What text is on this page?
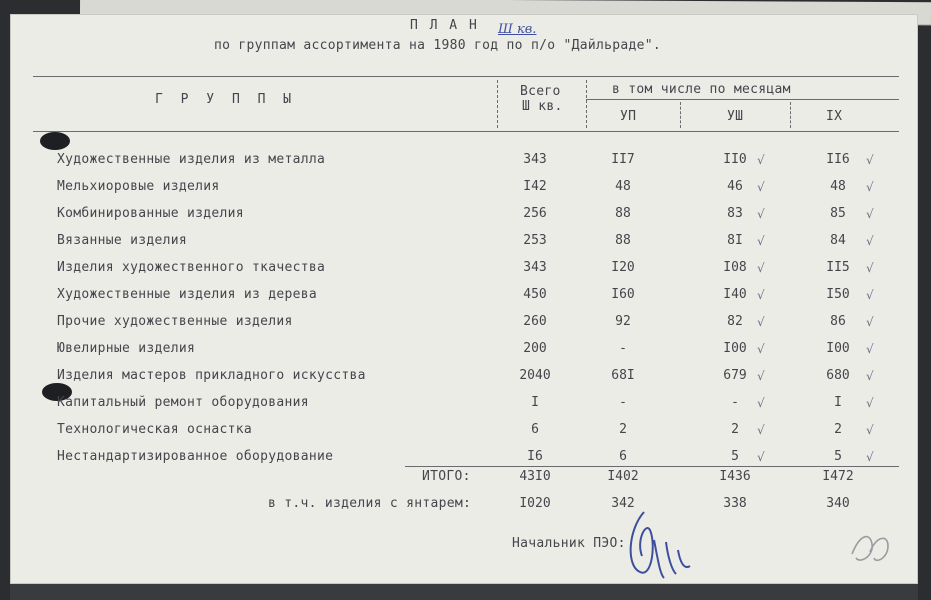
П Л А Н Ш кв.
по группам ассортимента на 1980 год по п/о "Дайльраде".
Г Р У П П Ы
Всего
Ш кв.
в том числе по месяцам
УП	УШ	IX
Художественные изделия из металла	343	II7	II0 √	II6	√
Мельхиоровые изделия	I42	48	46	√	48	√
Комбинированные изделия	256	88	83	√	85	√
Вязанные изделия	253	88	8I	√	84	√
Изделия художественного ткачества	343	I20	I08 √	II5	√
Художественные изделия из дерева	450	I60	I40 √	I50	√
Прочие художественные изделия	260	92	82	√	86	√
Ювелирные изделия	200	-	I00 √	I00	√
Изделия мастеров прикладного искусства	2040	68I	679 √	680	√
Капитальный ремонт оборудования	I	-	-	√	I	√
Технологическая оснастка	6	2	2	√	2	√
Нестандартизированное оборудование	I6	6	5	√	5	√
ИТОГО:	43I0	I402	I436	I472
в т.ч. изделия с янтарем:	I020	342	338	340
Начальник ПЭО:
